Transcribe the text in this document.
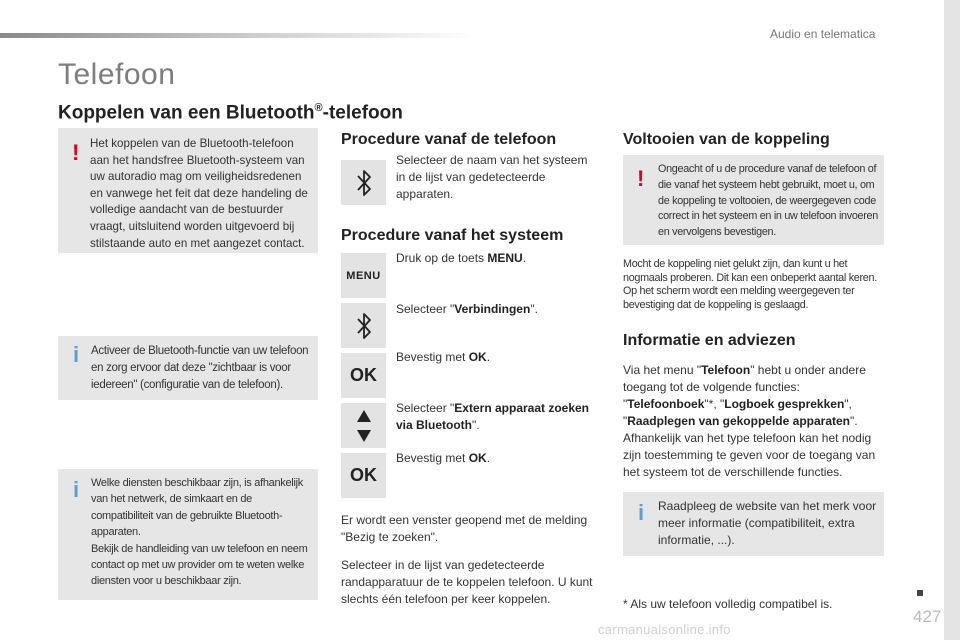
Audio en telematica
Telefoon
Koppelen van een Bluetooth®-telefoon
! Het koppelen van de Bluetooth-telefoon aan het handsfree Bluetooth-systeem van uw autoradio mag om veiligheidsredenen en vanwege het feit dat deze handeling de volledige aandacht van de bestuurder vraagt, uitsluitend worden uitgevoerd bij stilstaande auto en met aangezet contact.

i Activeer de Bluetooth-functie van uw telefoon en zorg ervoor dat deze "zichtbaar is voor iedereen" (configuratie van de telefoon).

i Welke diensten beschikbaar zijn, is afhankelijk van het netwerk, de simkaart en de compatibiliteit van de gebruikte Bluetooth-apparaten.
Bekijk de handleiding van uw telefoon en neem contact op met uw provider om te weten welke diensten voor u beschikbaar zijn.

Procedure vanaf de telefoon

Selecteer de naam van het systeem in de lijst van gedetecteerde apparaten.

Procedure vanaf het systeem
MENU

Druk op de toets MENU.

Selecteer "Verbindingen".

OK

Bevestig met OK.

Selecteer "Extern apparaat zoeken via Bluetooth".

OK

Bevestig met OK.

Er wordt een venster geopend met de melding "Bezig te zoeken".

Selecteer in de lijst van gedetecteerde randapparatuur de te koppelen telefoon. U kunt slechts één telefoon per keer koppelen.

Voltooien van de koppeling
! Ongeacht of u de procedure vanaf de telefoon of die vanaf het systeem hebt gebruikt, moet u, om de koppeling te voltooien, de weergegeven code correct in het systeem en in uw telefoon invoeren en vervolgens bevestigen.

Mocht de koppeling niet gelukt zijn, dan kunt u het nogmaals proberen. Dit kan een onbeperkt aantal keren. Op het scherm wordt een melding weergegeven ter bevestiging dat de koppeling is geslaagd.

Informatie en adviezen

Via het menu "Telefoon" hebt u onder andere toegang tot de volgende functies: "Telefoonboek"*, "Logboek gesprekken", "Raadplegen van gekoppelde apparaten". Afhankelijk van het type telefoon kan het nodig zijn toestemming te geven voor de toegang van het systeem tot de verschillende functies.

i Raadpleeg de website van het merk voor meer informatie (compatibiliteit, extra informatie, ...).

* Als uw telefoon volledig compatibel is.

427
carmanualsonline.info
